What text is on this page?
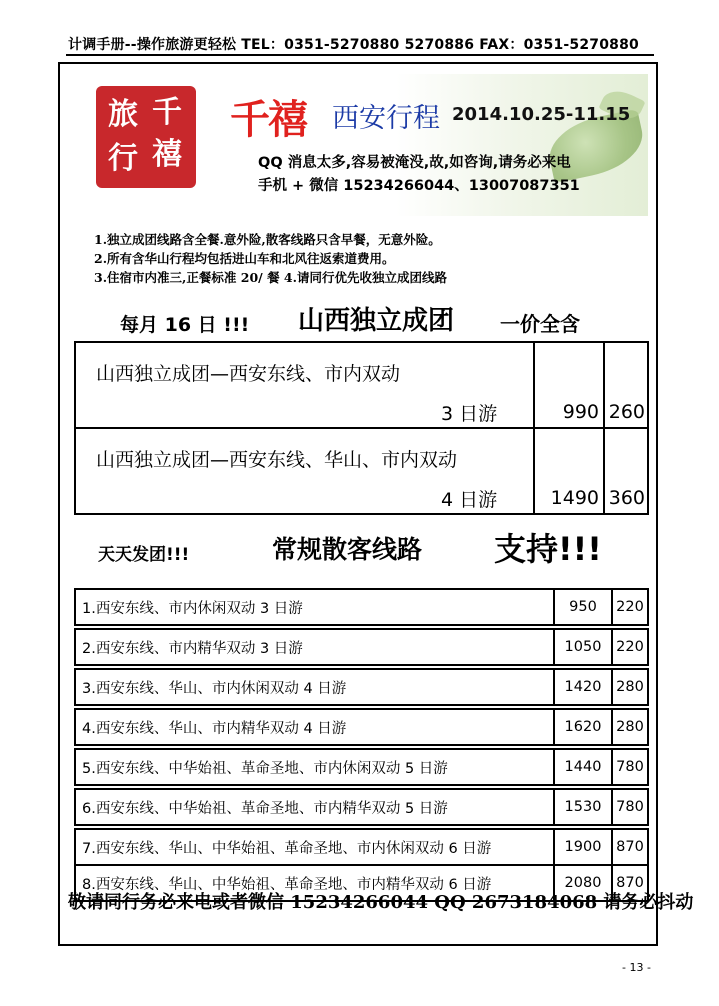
计调手册--操作旅游更轻松 TEL：0351-5270880 5270886 FAX：0351-5270880
千
旅
禧
行
千禧 西安行程 2014.10.25-11.15
QQ 消息太多,容易被淹没,故,如咨询,请务必来电
手机 + 微信 15234266044、13007087351
1.独立成团线路含全餐.意外险,散客线路只含早餐，无意外险。
2.所有含华山行程均包括进山车和北风往返索道费用。
3.住宿市内准三,正餐标准 20/ 餐 4.请同行优先收独立成团线路
每月 16 日 !!! 山西独立成团 一价全含
山西独立成团—西安东线、市内双动
3 日游	990	260

山西独立成团—西安东线、华山、市内双动
4 日游	1490	360
天天发团!!!	常规散客线路 支持!!!
1.西安东线、市内休闲双动 3 日游	950	220

2.西安东线、市内精华双动 3 日游	1050	220

3.西安东线、华山、市内休闲双动 4 日游	1420	280

4.西安东线、华山、市内精华双动 4 日游	1620	280

5.西安东线、中华始祖、革命圣地、市内休闲双动 5 日游	1440	780

6.西安东线、中华始祖、革命圣地、市内精华双动 5 日游	1530	780

7.西安东线、华山、中华始祖、革命圣地、市内休闲双动 6 日游	1900	870
8.西安东线、华山、中华始祖、革命圣地、市内精华双动 6 日游	2080	870
敬请同行务必来电或者微信 15234266044 QQ 2673184068 请务必抖动
- 13 -
